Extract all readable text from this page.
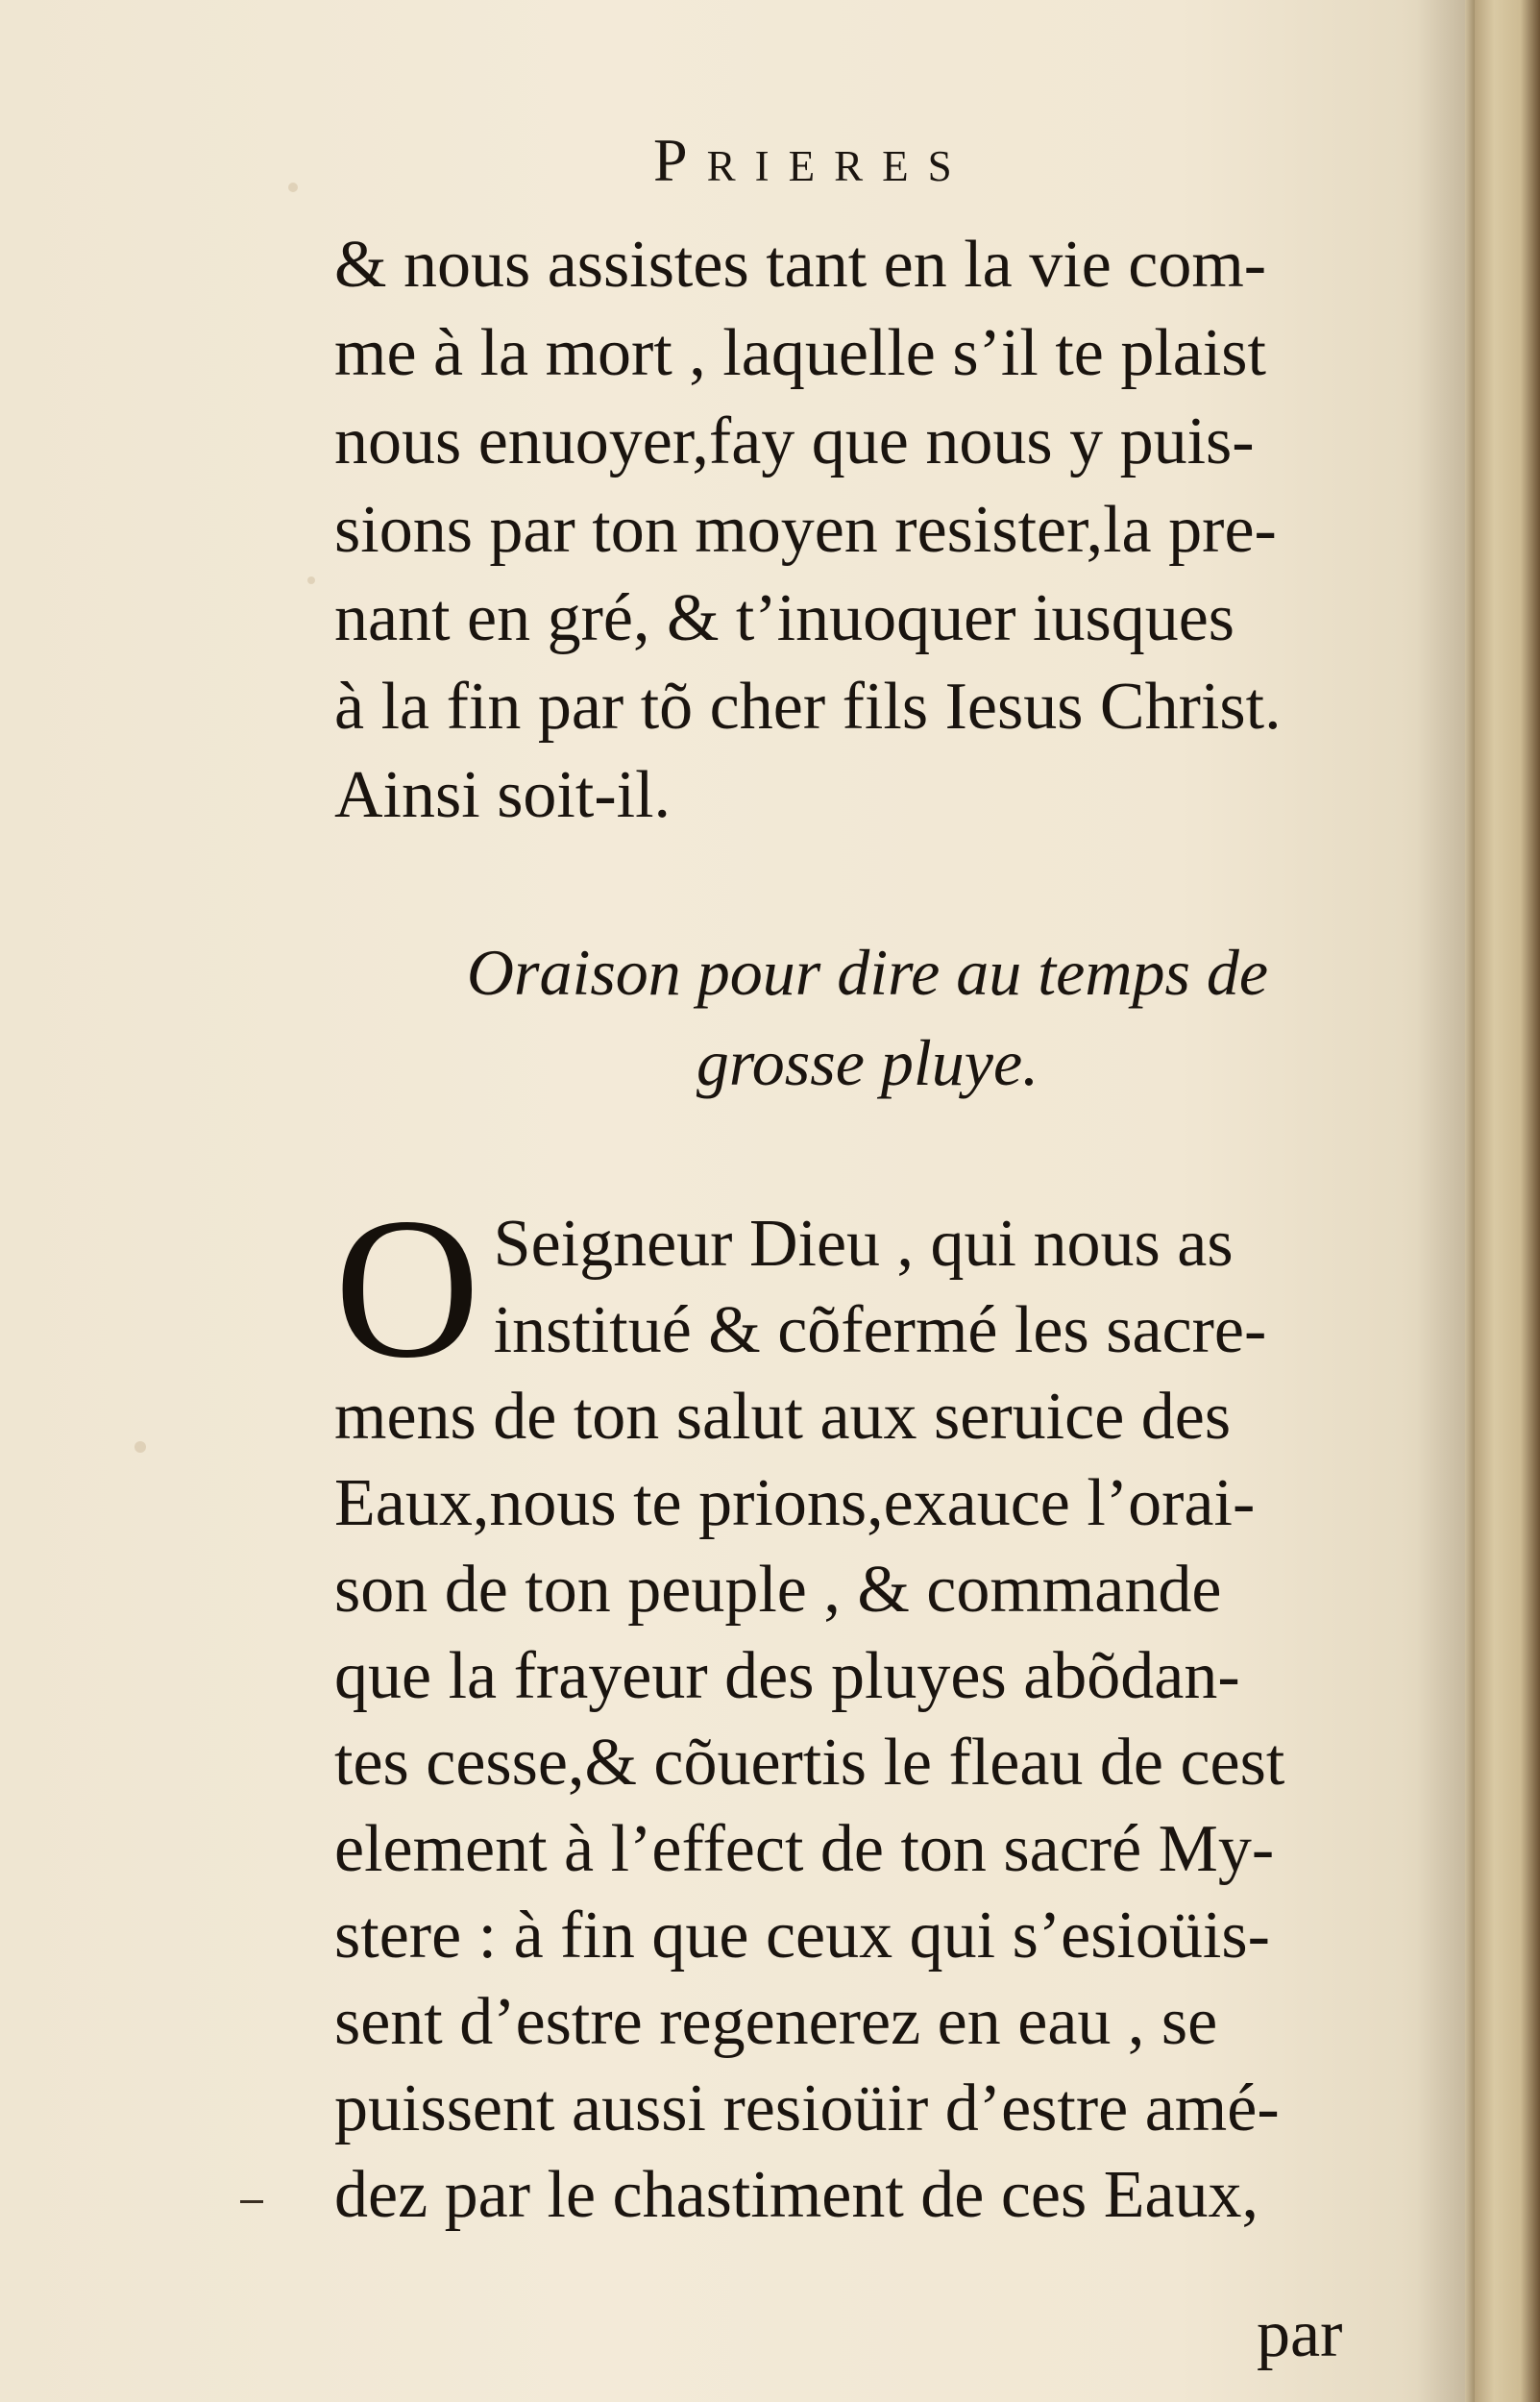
Prieres
& nous assistes tant en la vie com-
me à la mort , laquelle s’il te plaist
nous enuoyer,fay que nous y puis-
sions par ton moyen resister,la pre-
nant en gré, & t’inuoquer iusques
à la fin par tõ cher fils Iesus Christ.
Ainsi soit-il.
Oraison pour dire au temps de
grosse pluye.
O Seigneur Dieu , qui nous as
institué & cõfermé les sacre-
mens de ton salut aux seruice des
Eaux,nous te prions,exauce l’orai-
son de ton peuple , & commande
que la frayeur des pluyes abõdan-
tes cesse,& cõuertis le fleau de cest
element à l’effect de ton sacré My-
stere : à fin que ceux qui s’esioüis-
sent d’estre regenerez en eau , se
puissent aussi resioüir d’estre amé-
dez par le chastiment de ces Eaux,
par
